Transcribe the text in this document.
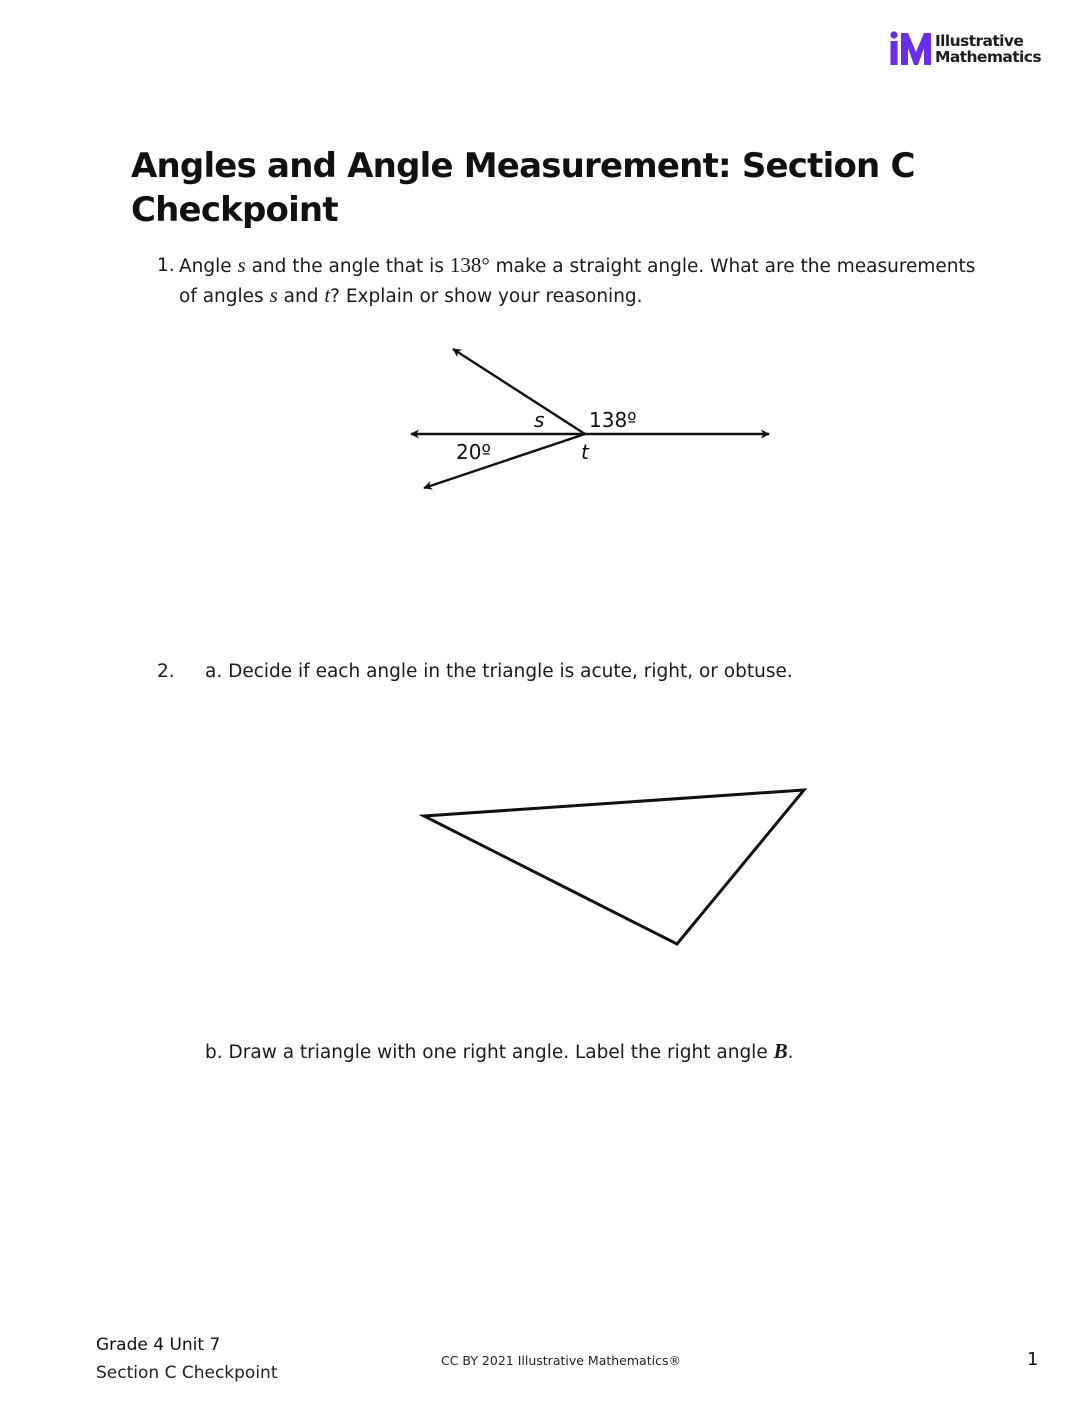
Illustrative
Mathematics
Angles and Angle Measurement: Section C Checkpoint
1. Angle s and the angle that is 138° make a straight angle. What are the measurements of angles s and t? Explain or show your reasoning.
s 138º
20º	t
2. a. Decide if each angle in the triangle is acute, right, or obtuse.
b. Draw a triangle with one right angle. Label the right angle B.
Grade 4 Unit 7
Section C Checkpoint
CC BY 2021 Illustrative Mathematics®	1
